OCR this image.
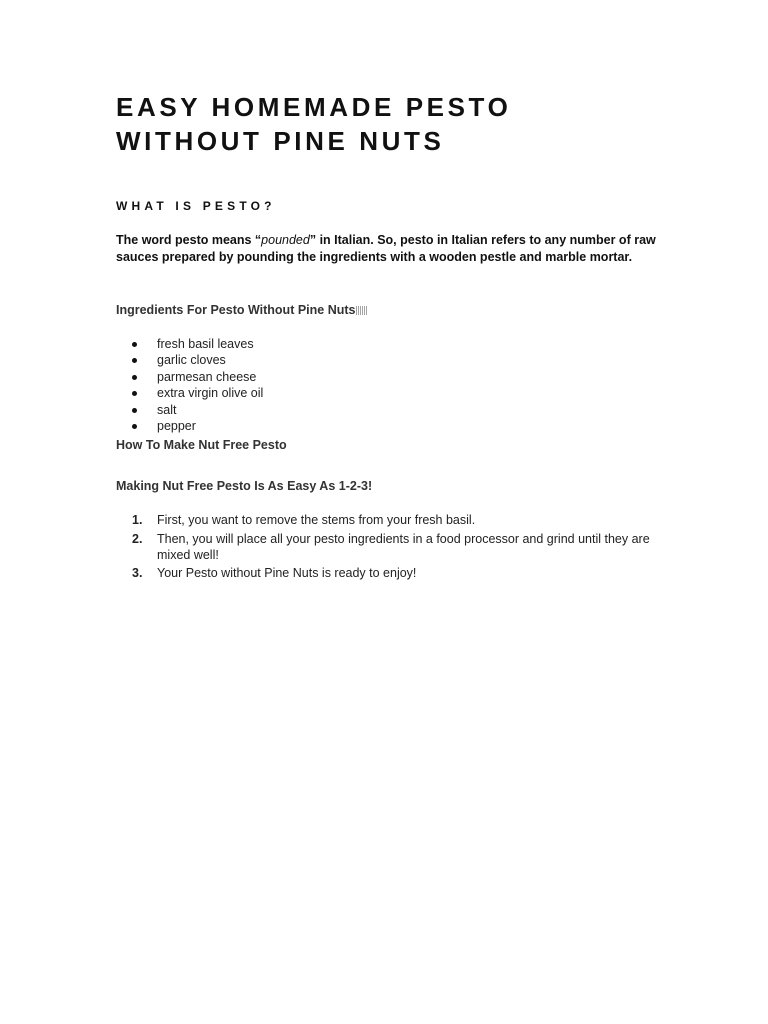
EASY HOMEMADE PESTO WITHOUT PINE NUTS
WHAT IS PESTO?

The word pesto means “pounded” in Italian. So, pesto in Italian refers to any number of raw sauces prepared by pounding the ingredients with a wooden pestle and marble mortar.

Ingredients For Pesto Without Pine Nuts

fresh basil leaves
garlic cloves
parmesan cheese
extra virgin olive oil
salt
pepper

How To Make Nut Free Pesto

Making Nut Free Pesto Is As Easy As 1-2-3!

1. First, you want to remove the stems from your fresh basil.
2. Then, you will place all your pesto ingredients in a food processor and grind until they are mixed well!
3. Your Pesto without Pine Nuts is ready to enjoy!
